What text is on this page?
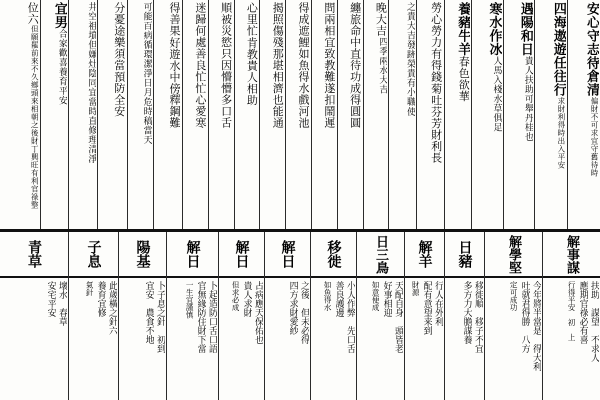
安心守志待倉清
偏財不可求
宜守舊待時
四海遨遊任往行
求財利得時
出入平安
遇陽和日
貴人扶助
可舉丹桂也
寒水作冰
人馬入棧
水草俱足
養豬牛羊
春色欲華
勞心勞力有得錢
菊吐芬芳財利長
之貴大吉
發跡榮貴有小職
使
晚大吉
四季兩水大吉
纏旅命中
直待功成得圓圓
問兩相宜
致教難遂扣鬧遲
得成遮鯉
如魚得水戲河池
揭照傷殘
那堪相濟也能通
心里忙
肯教貴人相助
順被災慾
只因懵懵多口舌
迷歸何處
善良忙忙心愛寒
得善果
好遊水中傍
釋鋼難
可能百病循環潔淨
日月危時稿當天
分憂途樂
須當預防
全安
井空祖墳
但嫌灶陰同宜
當時直修理清淨
宜男
合家歡喜
養育平安
位六
但願罷前來不久
鄉頭來相朝之後
財丁興旺
有利官祿整
解事謀
扶助　謀望　不求人
應期官祿必有喜
行得平安　初　上
解學堅
今年將半當是　得大利
吐就君得勝　八方
定可成功
日豬
移徙順　移子不宜
多方力大膽謀養
解羊
行人在外利
配有意望来到
財源
日三鳥
天配自身　頭皆老
好事相迎
如意便成
移徙
小人作弊　先口舌
善良護邊
如魚得水
解日
之後　但未必得
四方求財愛紗
解日
占病應天保佑也
貴人求財
但求必成
解日
卜起造防口舌口語
官無緣防住財下當
一生宜謹慎
陽基
卜子息之針　初到
宜安　農食不地
子息
此歲橫之針六
養育宜修
氣針
青草
壞水　春草
安宅平安
